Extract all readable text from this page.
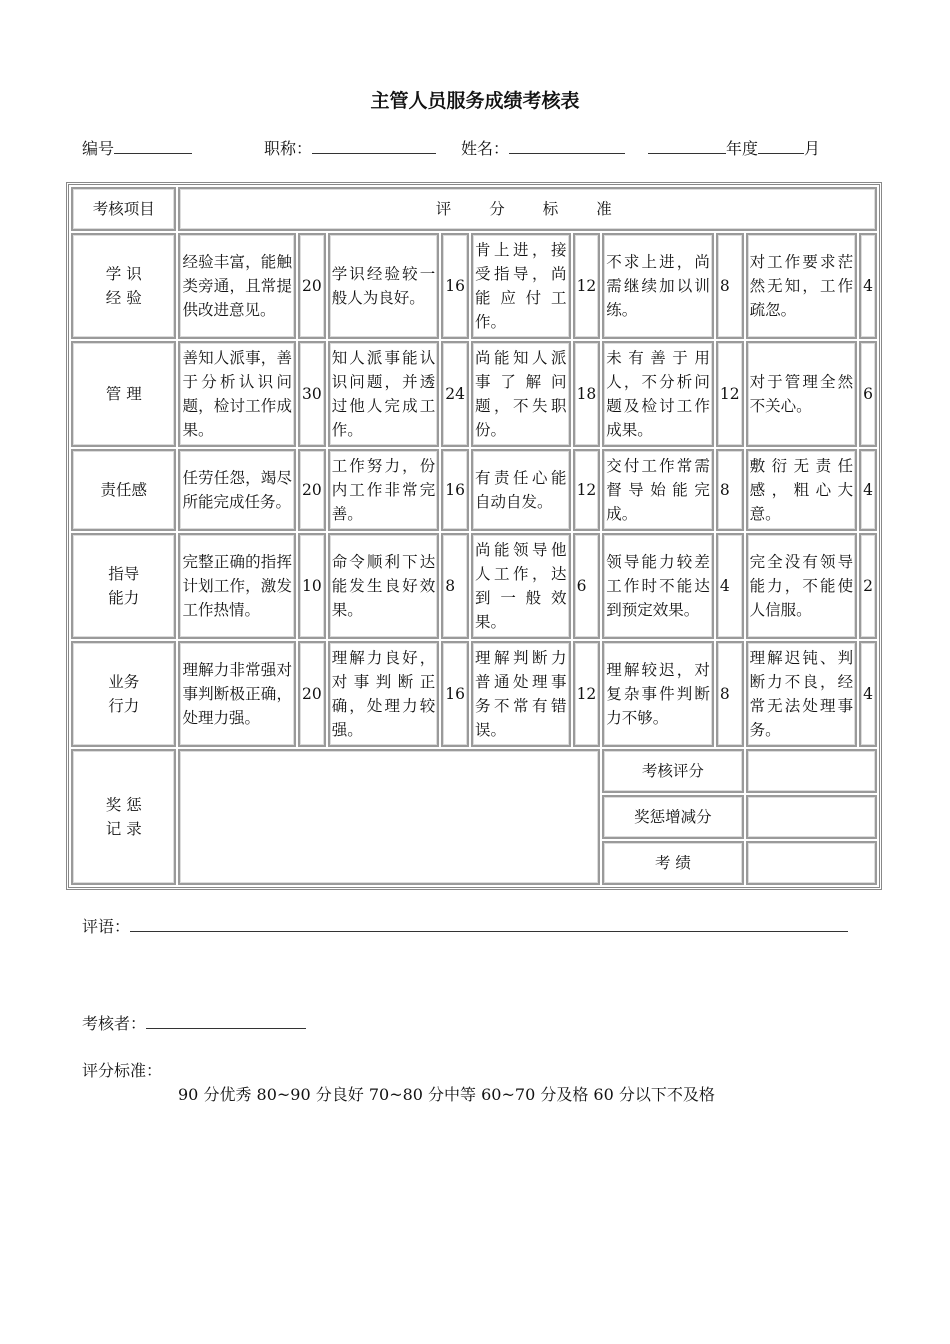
主管人员服务成绩考核表
编号	职称：	姓名：	年度	月
考核项目	评分标准									
学 识
经 验	经验丰富，能触类旁通，且常提供改进意见。	20	学识经验较一般人为良好。	16	肯上进，接受指导，尚能应付工作。	12	不求上进，尚需继续加以训练。	8	对工作要求茫然无知，工作疏忽。	4
管 理	善知人派事，善于分析认识问题，检讨工作成果。	30	知人派事能认识问题，并透过他人完成工作。	24	尚能知人派事了解问题，不失职份。	18	未有善于用人，不分析问题及检讨工作成果。	12	对于管理全然不关心。	6
责任感	任劳任怨，竭尽所能完成任务。	20	工作努力，份内工作非常完善。	16	有责任心能自动自发。	12	交付工作常需督导始能完成。	8	敷衍无责任感，粗心大意。	4
指导
能力	完整正确的指挥计划工作，激发工作热情。	10	命令顺利下达能发生良好效果。	8	尚能领导他人工作，达到一般效果。	6	领导能力较差工作时不能达到预定效果。	4	完全没有领导能力，不能使人信服。	2
业务
行力	理解力非常强对事判断极正确，处理力强。	20	理解力良好，对事判断正确，处理力较强。	16	理解判断力普通处理事务不常有错误。	12	理解较迟，对复杂事件判断力不够。	8	理解迟钝、判断力不良，经常无法处理事务。	4
奖 惩
记 录							考核评分			
							奖惩增减分			
							考 绩			
评语：
考核者：
评分标准：
90 分优秀 80~90 分良好 70~80 分中等 60~70 分及格 60 分以下不及格
